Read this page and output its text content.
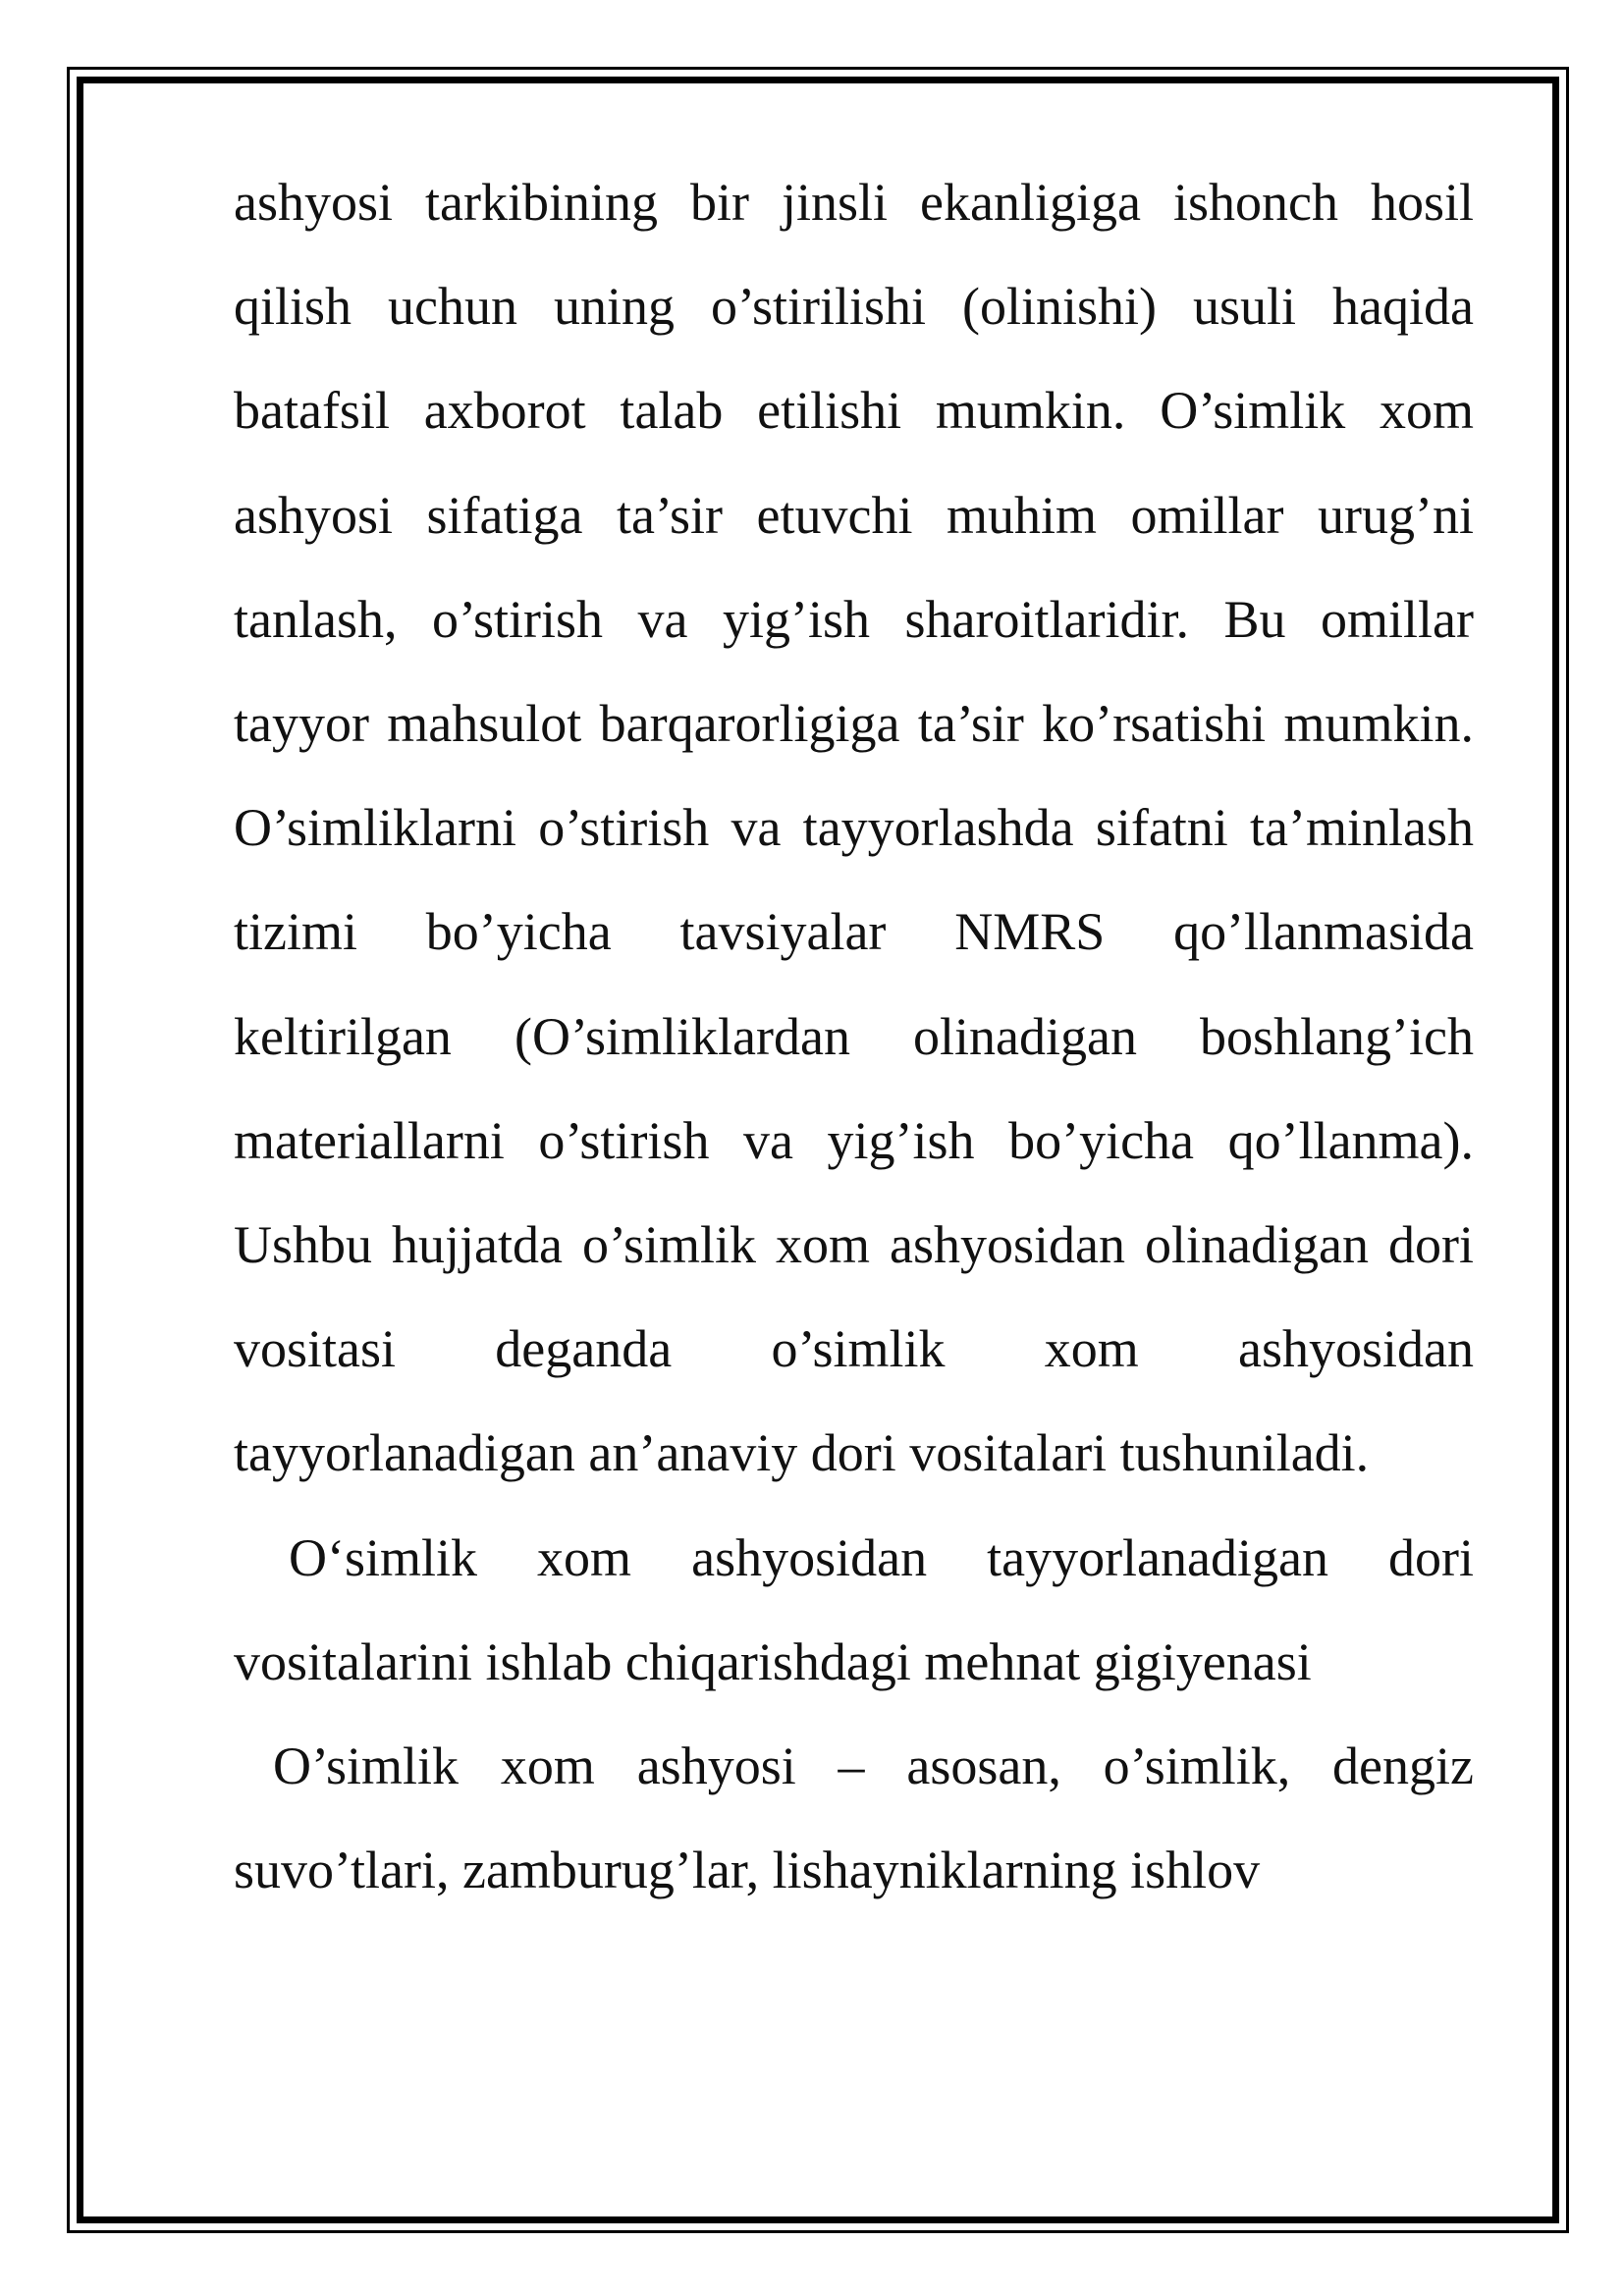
ashyosi tarkibining bir jinsli ekanligiga ishonch hosil qilish uchun uning o’stirilishi (olinishi) usuli haqida batafsil axborot talab etilishi mumkin. O’simlik xom ashyosi sifatiga ta’sir etuvchi muhim omillar urug’ni tanlash, o’stirish va yig’ish sharoitlaridir. Bu omillar tayyor mahsulot barqarorligiga ta’sir ko’rsatishi mumkin. O’simliklarni o’stirish va tayyorlashda sifatni ta’minlash tizimi bo’yicha tavsiyalar NMRS qo’llanmasida keltirilgan (O’simliklardan olinadigan boshlang’ich materiallarni o’stirish va yig’ish bo’yicha qo’llanma). Ushbu hujjatda o’simlik xom ashyosidan olinadigan dori vositasi deganda o’simlik xom ashyosidan tayyorlanadigan an’anaviy dori vositalari tushuniladi.

O‘simlik xom ashyosidan tayyorlanadigan dori vositalarini ishlab chiqarishdagi mehnat gigiyenasi

O’simlik xom ashyosi – asosan, o’simlik, dengiz suvo’tlari, zamburug’lar, lishayniklarning ishlov
